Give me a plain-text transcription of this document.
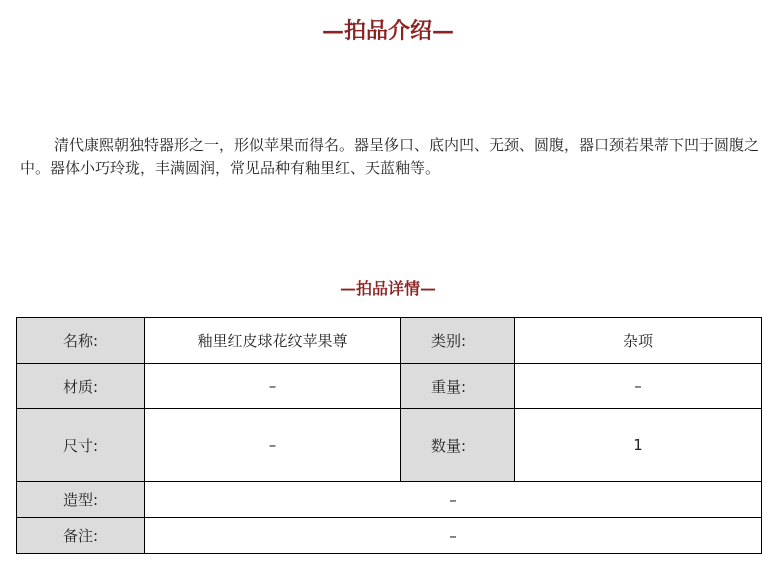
—拍品介绍—
清代康熙朝独特器形之一，形似苹果而得名。器呈侈口、底内凹、无颈、圆腹，器口颈若果蒂下凹于圆腹之中。器体小巧玲珑，丰满圆润，常见品种有釉里红、天蓝釉等。
—拍品详情—
名称:	釉里红皮球花纹苹果尊	类别:	杂项
材质:	–	重量:	–
尺寸:	–	数量:	1
造型:	–		
备注:	–		
